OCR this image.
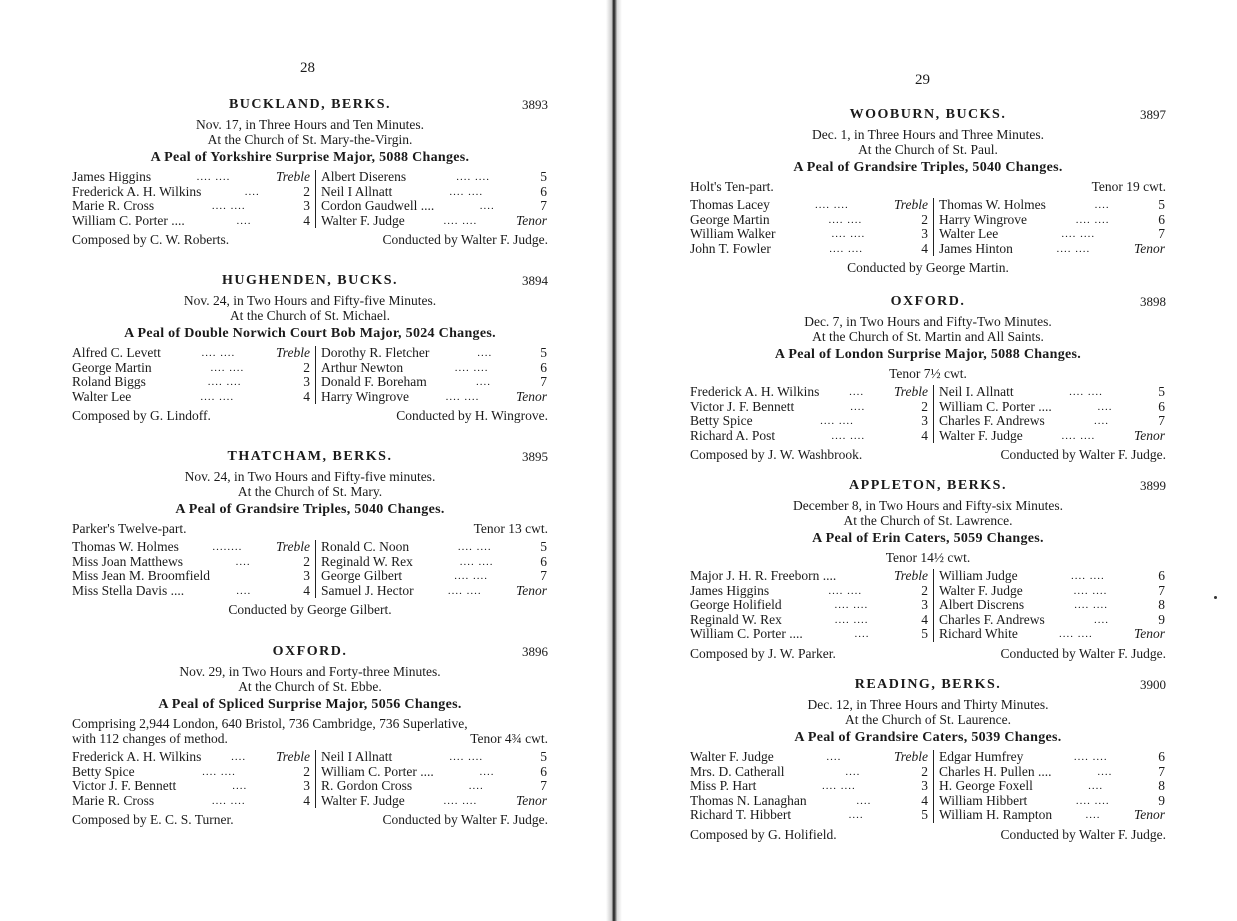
28
BUCKLAND, BERKS.	3893
Nov. 17, in Three Hours and Ten Minutes.
At the Church of St. Mary-the-Virgin.
A Peal of Yorkshire Surprise Major, 5088 Changes.
James Higgins	.... ....	Treble
Frederick A. H. Wilkins	....	2
Marie R. Cross	.... ....	3
William C. Porter ....	....	4
Albert Diserens	.... ....	5
Neil I Allnatt	.... ....	6
Cordon Gaudwell ....	....	7
Walter F. Judge	.... ....	Tenor
Composed by C. W. Roberts.	Conducted by Walter F. Judge.
HUGHENDEN, BUCKS.	3894
Nov. 24, in Two Hours and Fifty-five Minutes.
At the Church of St. Michael.
A Peal of Double Norwich Court Bob Major, 5024 Changes.
Alfred C. Levett	.... ....	Treble
George Martin	.... ....	2
Roland Biggs	.... ....	3
Walter Lee	.... ....	4
Dorothy R. Fletcher	....	5
Arthur Newton	.... ....	6
Donald F. Boreham	....	7
Harry Wingrove	.... ....	Tenor
Composed by G. Lindoff.	Conducted by H. Wingrove.
THATCHAM, BERKS.	3895
Nov. 24, in Two Hours and Fifty-five minutes.
At the Church of St. Mary.
A Peal of Grandsire Triples, 5040 Changes.
Parker's Twelve-part.	Tenor 13 cwt.
Thomas W. Holmes	........	Treble
Miss Joan Matthews	....	2
Miss Jean M. Broomfield	3
Miss Stella Davis ....	....	4
Ronald C. Noon	.... ....	5
Reginald W. Rex	.... ....	6
George Gilbert	.... ....	7
Samuel J. Hector	.... ....	Tenor
Conducted by George Gilbert.
OXFORD.	3896
Nov. 29, in Two Hours and Forty-three Minutes.
At the Church of St. Ebbe.
A Peal of Spliced Surprise Major, 5056 Changes.
Comprising 2,944 London, 640 Bristol, 736 Cambridge, 736 Superlative,
with 112 changes of method.	Tenor 4¾ cwt.
Frederick A. H. Wilkins	....	Treble
Betty Spice	.... ....	2
Victor J. F. Bennett	....	3
Marie R. Cross	.... ....	4
Neil I Allnatt	.... ....	5
William C. Porter ....	....	6
R. Gordon Cross	....	7
Walter F. Judge	.... ....	Tenor
Composed by E. C. S. Turner.	Conducted by Walter F. Judge.
29
WOOBURN, BUCKS.	3897
Dec. 1, in Three Hours and Three Minutes.
At the Church of St. Paul.
A Peal of Grandsire Triples, 5040 Changes.
Holt's Ten-part.	Tenor 19 cwt.
Thomas Lacey	.... ....	Treble
George Martin	.... ....	2
William Walker	.... ....	3
John T. Fowler	.... ....	4
Thomas W. Holmes	....	5
Harry Wingrove	.... ....	6
Walter Lee	.... ....	7
James Hinton	.... ....	Tenor
Conducted by George Martin.
OXFORD.	3898
Dec. 7, in Two Hours and Fifty-Two Minutes.
At the Church of St. Martin and All Saints.
A Peal of London Surprise Major, 5088 Changes.
Tenor 7½ cwt.
Frederick A. H. Wilkins	....	Treble
Victor J. F. Bennett	....	2
Betty Spice	.... ....	3
Richard A. Post	.... ....	4
Neil I. Allnatt	.... ....	5
William C. Porter ....	....	6
Charles F. Andrews	....	7
Walter F. Judge	.... ....	Tenor
Composed by J. W. Washbrook.	Conducted by Walter F. Judge.
APPLETON, BERKS.	3899
December 8, in Two Hours and Fifty-six Minutes.
At the Church of St. Lawrence.
A Peal of Erin Caters, 5059 Changes.
Tenor 14½ cwt.
Major J. H. R. Freeborn ....	Treble
James Higgins	.... ....	2
George Holifield	.... ....	3
Reginald W. Rex	.... ....	4
William C. Porter ....	....	5
William Judge	.... ....	6
Walter F. Judge	.... ....	7
Albert Discrens	.... ....	8
Charles F. Andrews	....	9
Richard White	.... ....	Tenor
Composed by J. W. Parker.	Conducted by Walter F. Judge.
READING, BERKS.	3900
Dec. 12, in Three Hours and Thirty Minutes.
At the Church of St. Laurence.
A Peal of Grandsire Caters, 5039 Changes.
Walter F. Judge	....	Treble
Mrs. D. Catherall	....	2
Miss P. Hart	.... ....	3
Thomas N. Lanaghan	....	4
Richard T. Hibbert	....	5
Edgar Humfrey	.... ....	6
Charles H. Pullen ....	....	7
H. George Foxell	....	8
William Hibbert	.... ....	9
William H. Rampton	....	Tenor
Composed by G. Holifield.	Conducted by Walter F. Judge.
